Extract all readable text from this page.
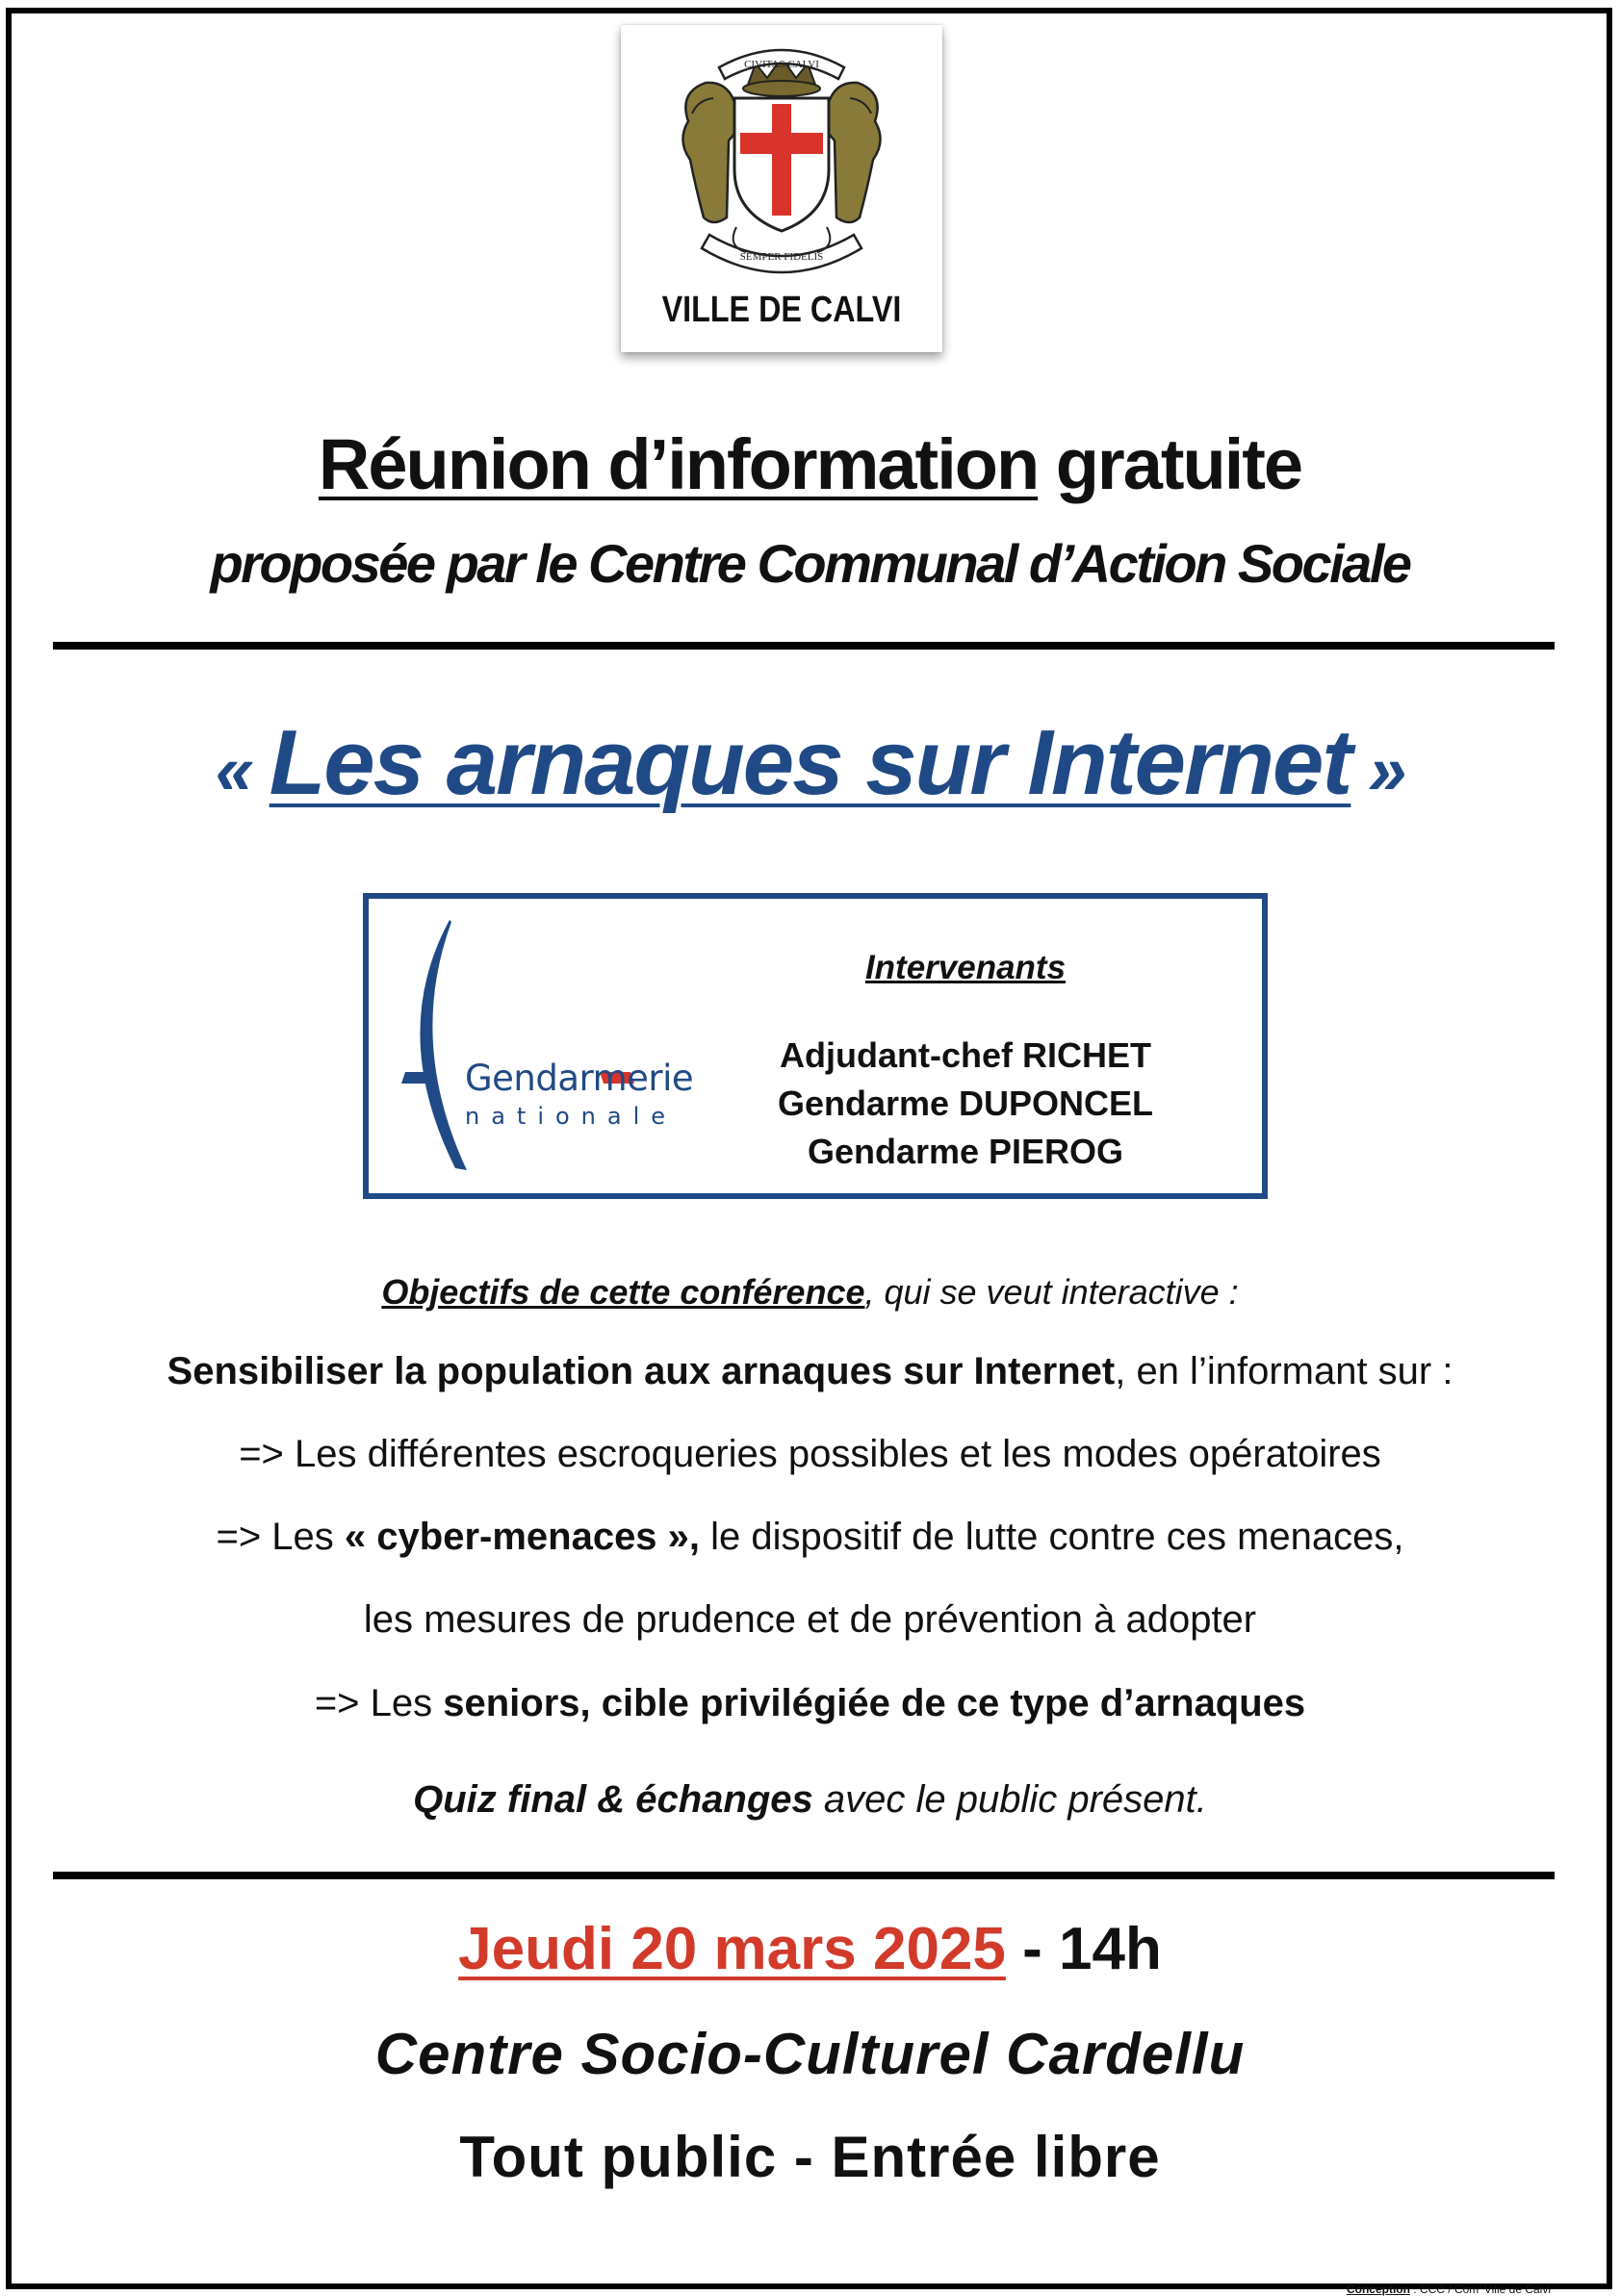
CIVITAS CALVI
SEMPER FIDELIS
VILLE DE CALVI
Réunion d’information gratuite
proposée par le Centre Communal d’Action Sociale
« Les arnaques sur Internet »
Gendarmerie
nationale
Intervenants
Adjudant-chef RICHET
Gendarme DUPONCEL
Gendarme PIEROG
Objectifs de cette conférence, qui se veut interactive :
Sensibiliser la population aux arnaques sur Internet, en l’informant sur :
=> Les différentes escroqueries possibles et les modes opératoires
=> Les « cyber-menaces », le dispositif de lutte contre ces menaces,
les mesures de prudence et de prévention à adopter
=> Les seniors, cible privilégiée de ce type d’arnaques
Quiz final & échanges avec le public présent.
Jeudi 20 mars 2025 - 14h
Centre Socio-Culturel Cardellu
Tout public - Entrée libre
Conception : CCC / Com’ Ville de Calvi
